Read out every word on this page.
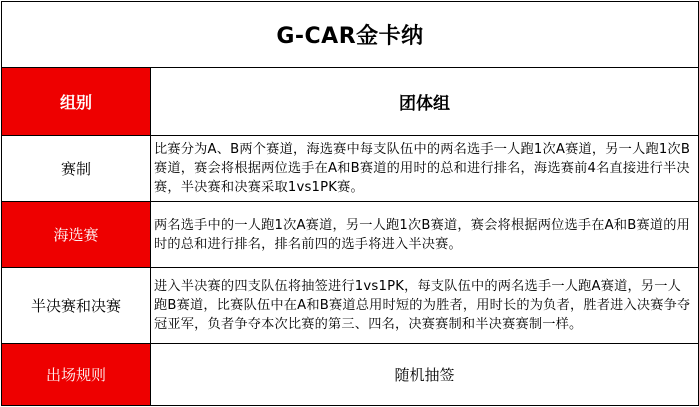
G-CAR金卡纳	
组别	团体组
赛制	比赛分为A、B两个赛道，海选赛中每支队伍中的两名选手一人跑1次A赛道，另一人跑1次B赛道，赛会将根据两位选手在A和B赛道的用时的总和进行排名，海选赛前4名直接进行半决赛，半决赛和决赛采取1vs1PK赛。
海选赛	两名选手中的一人跑1次A赛道，另一人跑1次B赛道，赛会将根据两位选手在A和B赛道的用时的总和进行排名，排名前四的选手将进入半决赛。
半决赛和决赛	进入半决赛的四支队伍将抽签进行1vs1PK，每支队伍中的两名选手一人跑A赛道，另一人跑B赛道，比赛队伍中在A和B赛道总用时短的为胜者，用时长的为负者，胜者进入决赛争夺冠亚军，负者争夺本次比赛的第三、四名，决赛赛制和半决赛赛制一样。
出场规则	随机抽签
